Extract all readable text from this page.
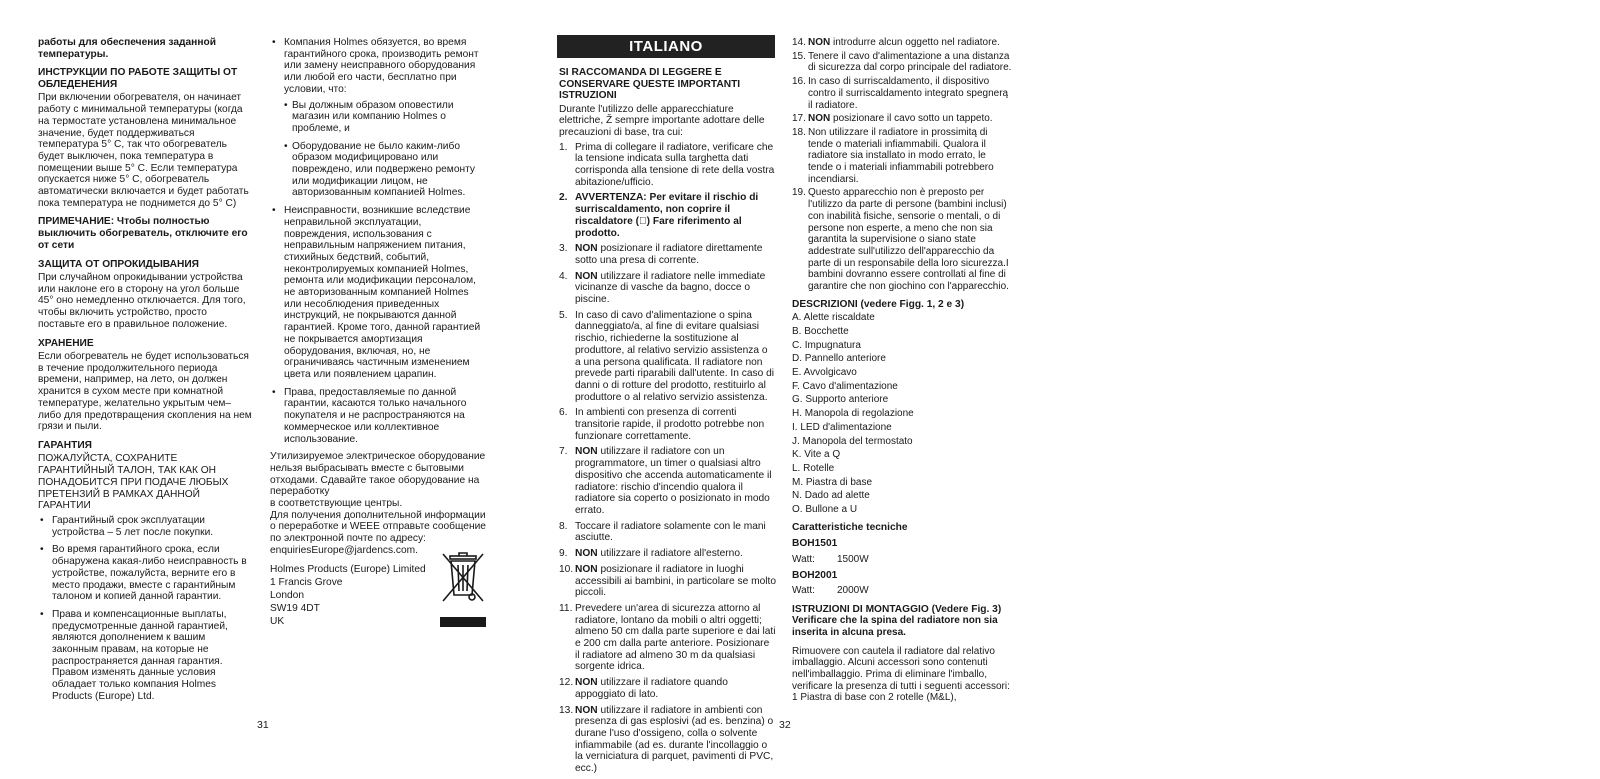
работы для обеспечения заданной температуры.

ИНСТРУКЦИИ ПО РАБОТЕ ЗАЩИТЫ ОТ ОБЛЕДЕНЕНИЯ

При включении обогревателя, он начинает работу с минимальной температуры (когда на термостате установлена минимальное значение, будет поддерживаться температура 5° C, так что обогреватель будет выключен, пока температура в помещении выше 5° C. Если температура опускается ниже 5° C, обогреватель автоматически включается и будет работать пока температура не поднимется до 5° C)

ПРИМЕЧАНИЕ: Чтобы полностью выключить обогреватель, отключите его от сети

ЗАЩИТА ОТ ОПРОКИДЫВАНИЯ

При случайном опрокидывании устройства или наклоне его в сторону на угол больше 45° оно немедленно отключается. Для того, чтобы включить устройство, просто поставьте его в правильное положение.

ХРАНЕНИЕ

Если обогреватель не будет использоваться в течение продолжительного периода времени, например, на лето, он должен хранится в сухом месте при комнатной температуре, желательно укрытым чем–либо для предотвращения скопления на нем грязи и пыли.

ГАРАНТИЯ

ПОЖАЛУЙСТА, СОХРАНИТЕ ГАРАНТИЙНЫЙ ТАЛОН, ТАК КАК ОН ПОНАДОБИТСЯ ПРИ ПОДАЧЕ ЛЮБЫХ ПРЕТЕНЗИЙ В РАМКАХ ДАННОЙ ГАРАНТИИ

• Гарантийный срок эксплуатации устройства – 5 лет после покупки.
• Во время гарантийного срока, если обнаружена какая-либо неисправность в устройстве, пожалуйста, верните его в место продажи, вместе с гарантийным талоном и копией данной гарантии.
• Права и компенсационные выплаты, предусмотренные данной гарантией, являются дополнением к вашим законным правам, на которые не распространяется данная гарантия. Правом изменять данные условия обладает только компания Holmes Products (Europe) Ltd.
• Компания Holmes обязуется, во время гарантийного срока, производить ремонт или замену неисправного оборудования или любой его части, бесплатно при условии, что:
• Вы должным образом оповестили магазин или компанию Holmes о проблеме, и
• Оборудование не было каким-либо образом модифицировано или повреждено, или подвержено ремонту или модификации лицом, не авторизованным компанией Holmes.
• Неисправности, возникшие вследствие неправильной эксплуатации, повреждения, использования с неправильным напряжением питания, стихийных бедствий, событий, неконтролируемых компанией Holmes, ремонта или модификации персоналом, не авторизованным компанией Holmes или несоблюдения приведенных инструкций, не покрываются данной гарантией. Кроме того, данной гарантией не покрывается амортизация оборудования, включая, но, не ограничиваясь частичным изменением цвета или появлением царапин.
• Права, предоставляемые по данной гарантии, касаются только начального покупателя и не распространяются на коммерческое или коллективное использование.
Утилизируемое электрическое оборудование нельзя выбрасывать вместе с бытовыми отходами. Сдавайте такое оборудование на переработку
в соответствующие центры.
Для получения дополнительной информации о переработке и WEEE отправьте сообщение по электронной почте по адресу:
enquiriesEurope@jardencs.com.
Holmes Products (Europe) Limited
1 Francis Grove
London
SW19 4DT
UK
ITALIANO
SI RACCOMANDA DI LEGGERE E CONSERVARE QUESTE IMPORTANTI ISTRUZIONI

Durante l'utilizzo delle apparecchiature elettriche, Ž sempre importante adottare delle precauzioni di base, tra cui:

1. Prima di collegare il radiatore, verificare che la tensione indicata sulla targhetta dati corrisponda alla tensione di rete della vostra abitazione/ufficio.
2. AVVERTENZA: Per evitare il rischio di surriscaldamento, non coprire il riscaldatore (⃠) Fare riferimento al prodotto.
3. NON posizionare il radiatore direttamente sotto una presa di corrente.
4. NON utilizzare il radiatore nelle immediate vicinanze di vasche da bagno, docce o piscine.
5. In caso di cavo d'alimentazione o spina danneggiato/a, al fine di evitare qualsiasi rischio, richiederne la sostituzione al produttore, al relativo servizio assistenza o a una persona qualificata. Il radiatore non prevede parti riparabili dall'utente. In caso di danni o di rotture del prodotto, restituirlo al produttore o al relativo servizio assistenza.
6. In ambienti con presenza di correnti transitorie rapide, il prodotto potrebbe non funzionare correttamente.
7. NON utilizzare il radiatore con un programmatore, un timer o qualsiasi altro dispositivo che accenda automaticamente il radiatore: rischio d'incendio qualora il radiatore sia coperto o posizionato in modo errato.
8. Toccare il radiatore solamente con le mani asciutte.
9. NON utilizzare il radiatore all'esterno.
10. NON posizionare il radiatore in luoghi accessibili ai bambini, in particolare se molto piccoli.
11. Prevedere un'area di sicurezza attorno al radiatore, lontano da mobili o altri oggetti; almeno 50 cm dalla parte superiore e dai lati e 200 cm dalla parte anteriore. Posizionare il radiatore ad almeno 30 m da qualsiasi sorgente idrica.
12. NON utilizzare il radiatore quando appoggiato di lato.
13. NON utilizzare il radiatore in ambienti con presenza di gas esplosivi (ad es. benzina) o durane l'uso d'ossigeno, colla o solvente infiammabile (ad es. durante l'incollaggio o la verniciatura di parquet, pavimenti di PVC, ecc.)
14. NON introdurre alcun oggetto nel radiatore.
15. Tenere il cavo d'alimentazione a una distanza di sicurezza dal corpo principale del radiatore.
16. In caso di surriscaldamento, il dispositivo contro il surriscaldamento integrato spegnerą il radiatore.
17. NON posizionare il cavo sotto un tappeto.
18. Non utilizzare il radiatore in prossimitą di tende o materiali infiammabili. Qualora il radiatore sia installato in modo errato, le tende o i materiali infiammabili potrebbero incendiarsi.
19. Questo apparecchio non è preposto per l'utilizzo da parte di persone (bambini inclusi) con inabilità fisiche, sensorie o mentali, o di persone non esperte, a meno che non sia garantita la supervisione o siano state addestrate sull'utilizzo dell'apparecchio da parte di un responsabile della loro sicurezza.I bambini dovranno essere controllati al fine di garantire che non giochino con l'apparecchio.
DESCRIZIONI (vedere Figg. 1, 2 e 3)
A. Alette riscaldate
B. Bocchette
C. Impugnatura
D. Pannello anteriore
E. Avvolgicavo
F. Cavo d'alimentazione
G. Supporto anteriore
H. Manopola di regolazione
I. LED d'alimentazione
J. Manopola del termostato
K. Vite a Q
L. Rotelle
M. Piastra di base
N. Dado ad alette
O. Bullone a U
Caratteristiche tecniche
BOH1501
Watt:	1500W
BOH2001
Watt:	2000W
ISTRUZIONI DI MONTAGGIO (Vedere Fig. 3)

Verificare che la spina del radiatore non sia inserita in alcuna presa.

Rimuovere con cautela il radiatore dal relativo imballaggio. Alcuni accessori sono contenuti nell'imballaggio. Prima di eliminare l'imballo, verificare la presenza di tutti i seguenti accessori: 1 Piastra di base con 2 rotelle (M&L),

31	32
